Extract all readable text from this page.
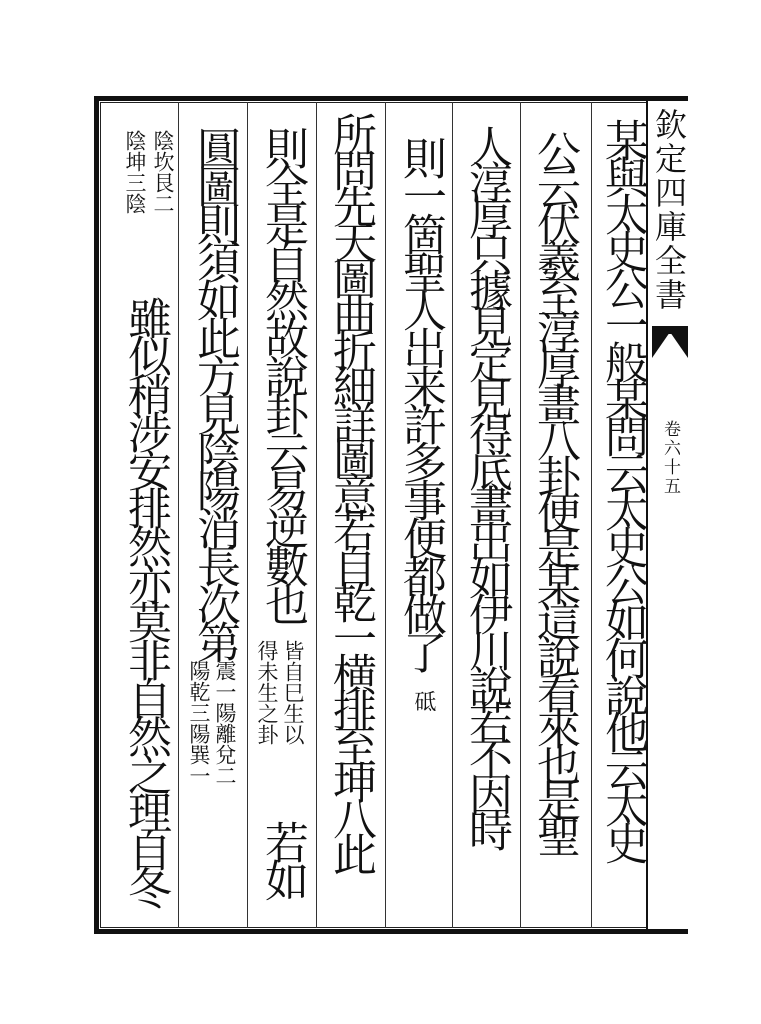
欽定四庫全書
卷六十五
某與太史公一般某問云太史公如何說他云太史
公云伏羲至淳厚畫八卦便是某這說看來也是聖
人淳厚只據見定見得底畫出如伊川說若不因時
則一箇聖人出来許多事便都做了
砥
所問先天圖曲折細詳圖意若自乾一横排至坤八此
則全是自然故說卦云易逆數也
皆自巳生以
得未生之卦
若如
圓圖則須如此方見陰陽消長次第
震一陽離兌二
陽乾三陽巽一
陰坎艮二
陰坤三陰
雖似稍涉安排然亦莫非自然之理自冬
